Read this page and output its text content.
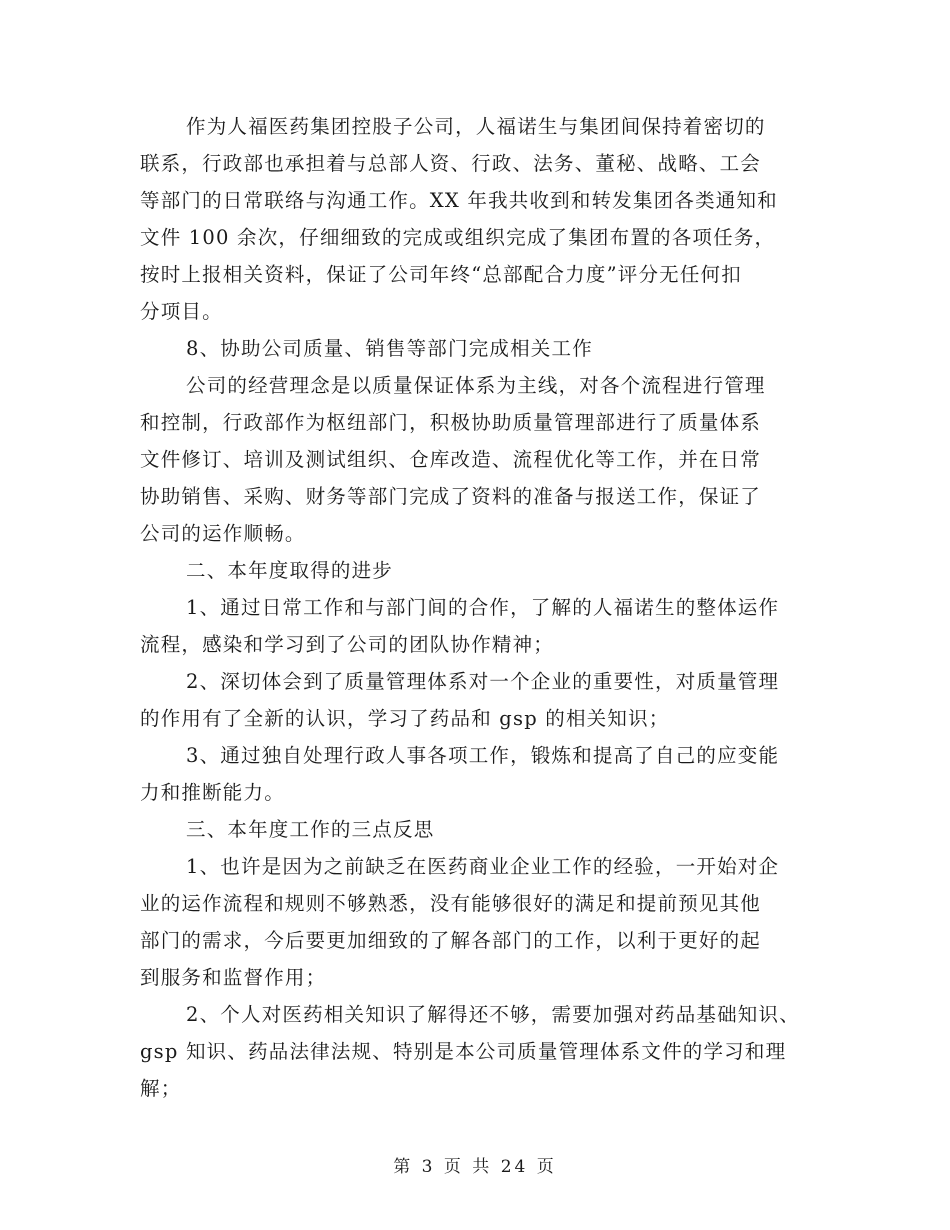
作为人福医药集团控股子公司，人福诺生与集团间保持着密切的
联系，行政部也承担着与总部人资、行政、法务、董秘、战略、工会
等部门的日常联络与沟通工作。XX 年我共收到和转发集团各类通知和
文件 100 余次，仔细细致的完成或组织完成了集团布置的各项任务，
按时上报相关资料，保证了公司年终“总部配合力度”评分无任何扣
分项目。
8、协助公司质量、销售等部门完成相关工作
公司的经营理念是以质量保证体系为主线，对各个流程进行管理
和控制，行政部作为枢纽部门，积极协助质量管理部进行了质量体系
文件修订、培训及测试组织、仓库改造、流程优化等工作，并在日常
协助销售、采购、财务等部门完成了资料的准备与报送工作，保证了
公司的运作顺畅。
二、本年度取得的进步
1、通过日常工作和与部门间的合作，了解的人福诺生的整体运作
流程，感染和学习到了公司的团队协作精神；
2、深切体会到了质量管理体系对一个企业的重要性，对质量管理
的作用有了全新的认识，学习了药品和 gsp 的相关知识；
3、通过独自处理行政人事各项工作，锻炼和提高了自己的应变能
力和推断能力。
三、本年度工作的三点反思
1、也许是因为之前缺乏在医药商业企业工作的经验，一开始对企
业的运作流程和规则不够熟悉，没有能够很好的满足和提前预见其他
部门的需求，今后要更加细致的了解各部门的工作，以利于更好的起
到服务和监督作用；
2、个人对医药相关知识了解得还不够，需要加强对药品基础知识、
gsp 知识、药品法律法规、特别是本公司质量管理体系文件的学习和理
解；
第 3 页 共 24 页
